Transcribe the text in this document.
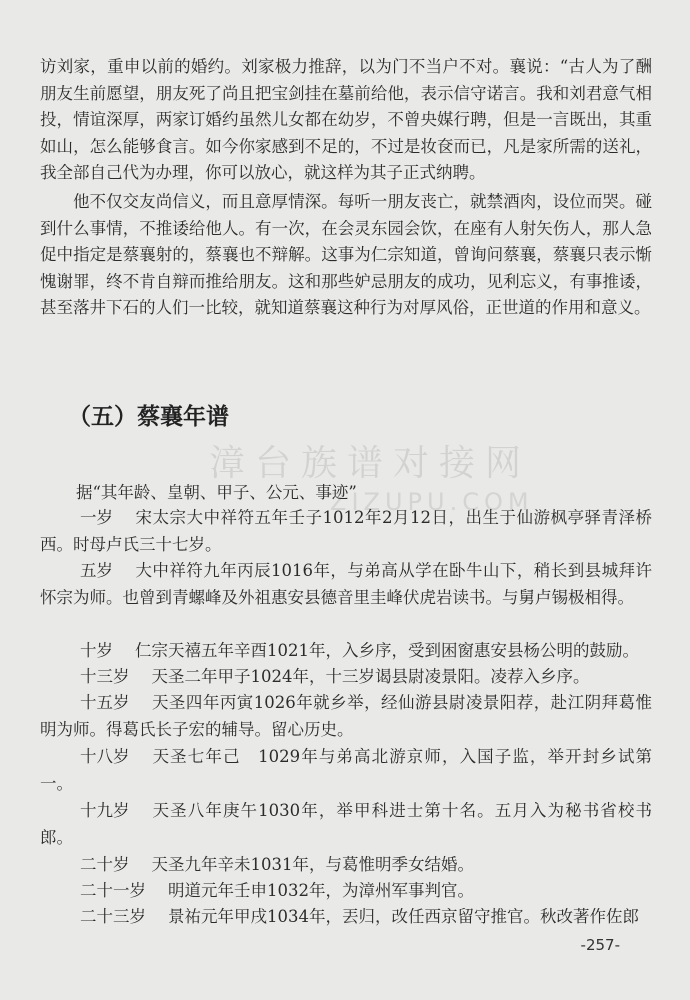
访刘家，重申以前的婚约。刘家极力推辞，以为门不当户不对。襄说：“古人为了酬朋友生前愿望，朋友死了尚且把宝剑挂在墓前给他，表示信守诺言。我和刘君意气相投，情谊深厚，两家订婚约虽然儿女都在幼岁，不曾央媒行聘，但是一言既出，其重如山，怎么能够食言。如今你家感到不足的，不过是妆奁而已，凡是家所需的送礼，我全部自己代为办理，你可以放心，就这样为其子正式纳聘。
他不仅交友尚信义，而且意厚情深。每听一朋友丧亡，就禁酒肉，设位而哭。碰到什么事情，不推诿给他人。有一次，在会灵东园会饮，在座有人射矢伤人，那人急促中指定是蔡襄射的，蔡襄也不辩解。这事为仁宗知道，曾询问蔡襄，蔡襄只表示惭愧谢罪，终不肯自辩而推给朋友。这和那些妒忌朋友的成功，见利忘义，有事推诿，甚至落井下石的人们一比较，就知道蔡襄这种行为对厚风俗，正世道的作用和意义。
（五）蔡襄年谱
漳台族谱对接网
ZIZUPU.COM
据“其年龄、皇朝、甲子、公元、事迹”
一岁 宋太宗大中祥符五年壬子1012年2月12日，出生于仙游枫亭驿青泽桥西。时母卢氏三十七岁。
五岁 大中祥符九年丙辰1016年，与弟高从学在卧牛山下，稍长到县城拜许怀宗为师。也曾到青螺峰及外祖惠安县德音里圭峰伏虎岩读书。与舅卢锡极相得。
十岁 仁宗天禧五年辛酉1021年，入乡序，受到困窗惠安县杨公明的鼓励。
十三岁 天圣二年甲子1024年，十三岁谒县尉凌景阳。凌荐入乡序。
十五岁 天圣四年丙寅1026年就乡举，经仙游县尉凌景阳荐，赴江阴拜葛惟明为师。得葛氏长子宏的辅导。留心历史。
十八岁 天圣七年己　1029年与弟高北游京师，入国子监，举开封乡试第一。
十九岁 天圣八年庚午1030年，举甲科进士第十名。五月入为秘书省校书郎。
二十岁 天圣九年辛未1031年，与葛惟明季女结婚。
二十一岁 明道元年壬申1032年，为漳州军事判官。
二十三岁 景祐元年甲戌1034年，丟归，改任西京留守推官。秋改著作佐郎
-257-
